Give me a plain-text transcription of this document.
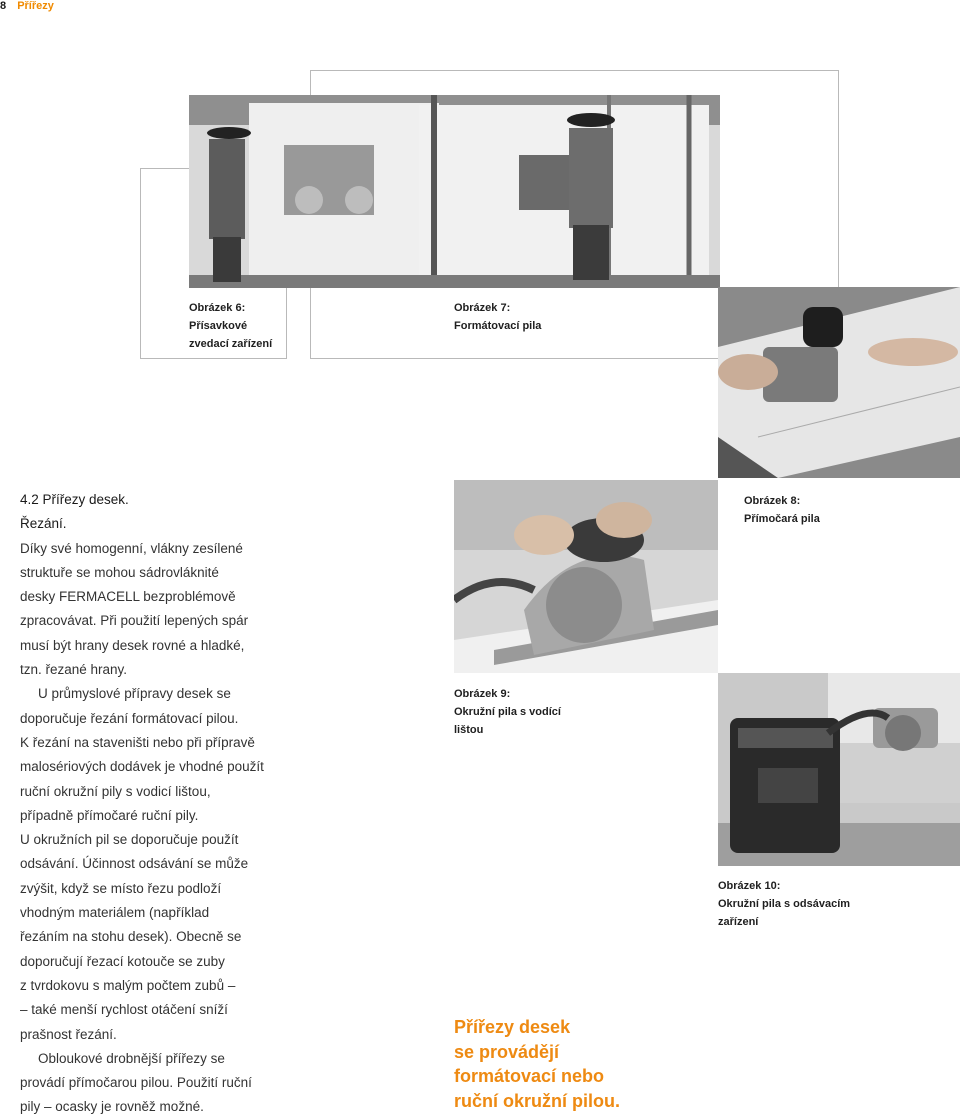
8 Přířezy
Obrázek 6:
Přísavkové
zvedací zařízení
Obrázek 7:
Formátovací pila
Obrázek 8:
Přímočará pila
Obrázek 9:
Okružní pila s vodící
lištou
Obrázek 10:
Okružní pila s odsávacím
zařízení

4.2 Přířezy desek.

Řezání.

Díky své homogenní, vlákny zesílené

struktuře se mohou sádrovláknité

desky FERMACELL bezproblémově

zpracovávat. Při použití lepených spár

musí být hrany desek rovné a hladké,

tzn. řezané hrany.

U průmyslové přípravy desek se

doporučuje řezání formátovací pilou.

K řezání na staveništi nebo při přípravě

malosériových dodávek je vhodné použít

ruční okružní pily s vodicí lištou,

případně přímočaré ruční pily.

U okružních pil se doporučuje použít

odsávání. Účinnost odsávání se může

zvýšit, když se místo řezu podloží

vhodným materiálem (například

řezáním na stohu desek). Obecně se

doporučují řezací kotouče se zuby

z tvrdokovu s malým počtem zubů –

– také menší rychlost otáčení sníží

prašnost řezání.

Obloukové drobnější přířezy se

provádí přímočarou pilou. Použití ruční

pily – ocasky je rovněž možné.

Přířezy desek
se provádějí
formátovací nebo
ruční okružní pilou.
